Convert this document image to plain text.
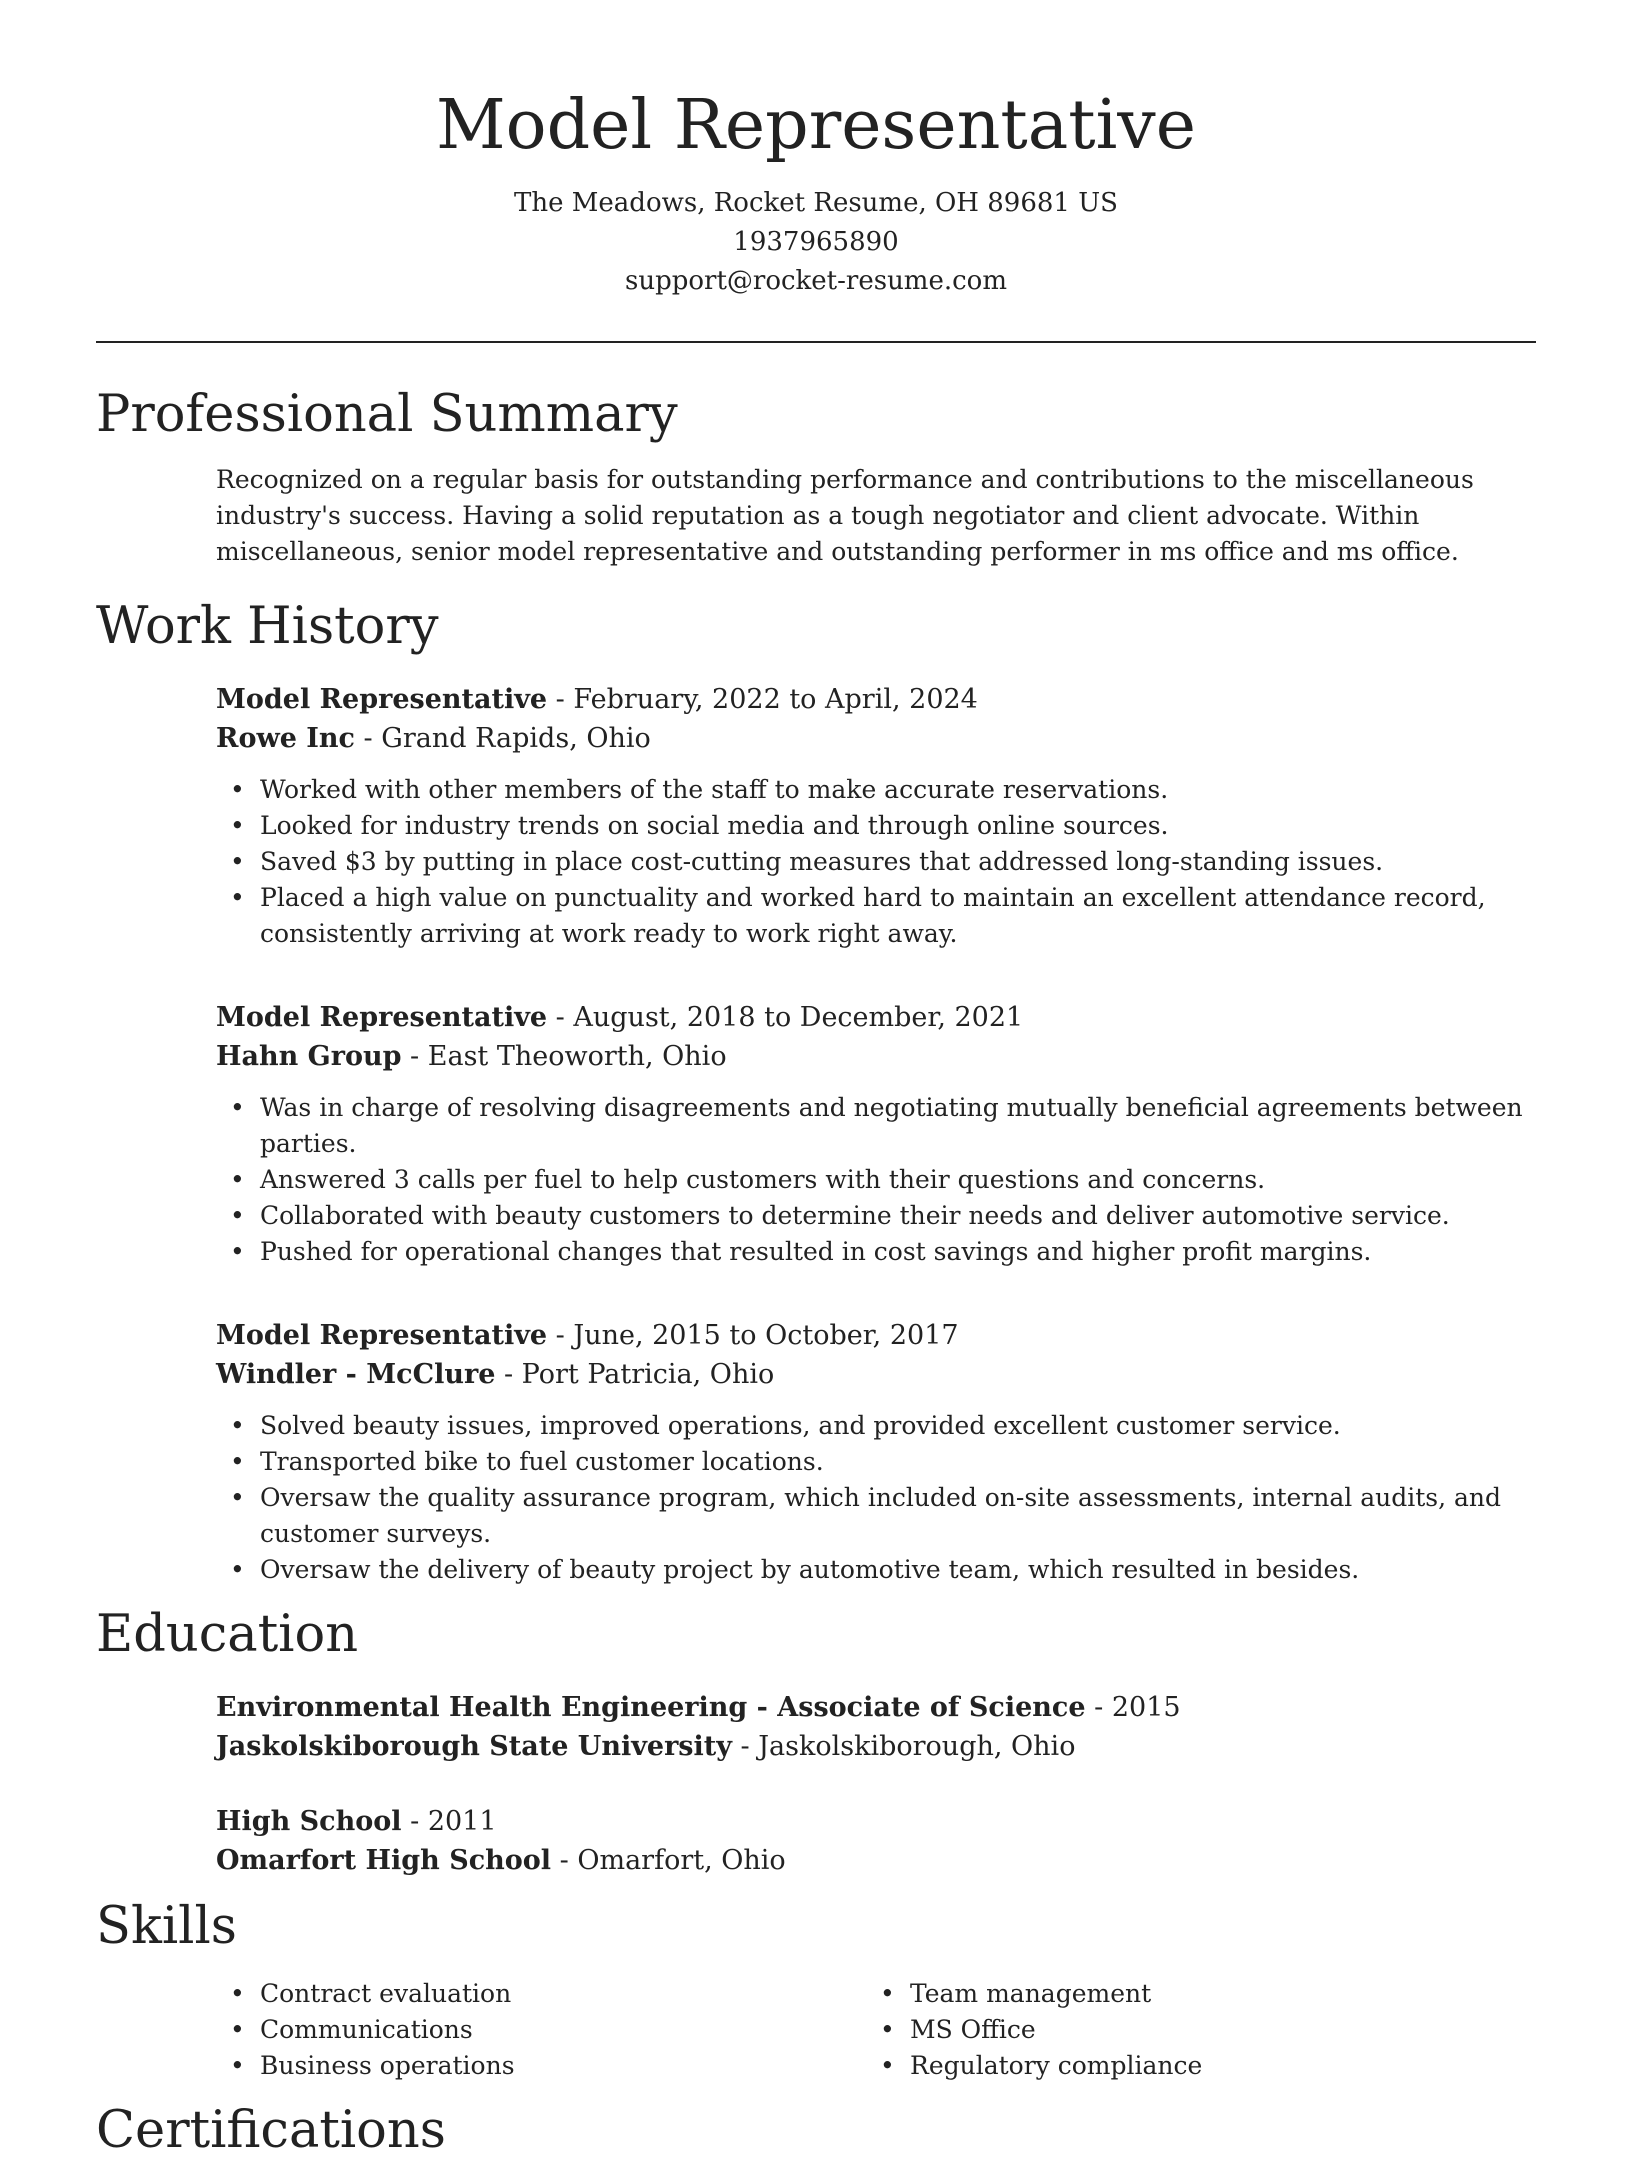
Model Representative
The Meadows, Rocket Resume, OH 89681 US
1937965890
support@rocket-resume.com
Professional Summary

Recognized on a regular basis for outstanding performance and contributions to the miscellaneous industry's success. Having a solid reputation as a tough negotiator and client advocate. Within miscellaneous, senior model representative and outstanding performer in ms office and ms office.

Work History
Model Representative - February, 2022 to April, 2024
Rowe Inc - Grand Rapids, Ohio
• Worked with other members of the staff to make accurate reservations.
• Looked for industry trends on social media and through online sources.
• Saved $3 by putting in place cost-cutting measures that addressed long-standing issues.
• Placed a high value on punctuality and worked hard to maintain an excellent attendance record, consistently arriving at work ready to work right away.
Model Representative - August, 2018 to December, 2021
Hahn Group - East Theoworth, Ohio
• Was in charge of resolving disagreements and negotiating mutually beneficial agreements between parties.
• Answered 3 calls per fuel to help customers with their questions and concerns.
• Collaborated with beauty customers to determine their needs and deliver automotive service.
• Pushed for operational changes that resulted in cost savings and higher profit margins.
Model Representative - June, 2015 to October, 2017
Windler - McClure - Port Patricia, Ohio
• Solved beauty issues, improved operations, and provided excellent customer service.
• Transported bike to fuel customer locations.
• Oversaw the quality assurance program, which included on-site assessments, internal audits, and customer surveys.
• Oversaw the delivery of beauty project by automotive team, which resulted in besides.
Education
Environmental Health Engineering - Associate of Science - 2015
Jaskolskiborough State University - Jaskolskiborough, Ohio
High School - 2011
Omarfort High School - Omarfort, Ohio
Skills
• Contract evaluation
• Communications
• Business operations
• Team management
• MS Office
• Regulatory compliance
Certifications
